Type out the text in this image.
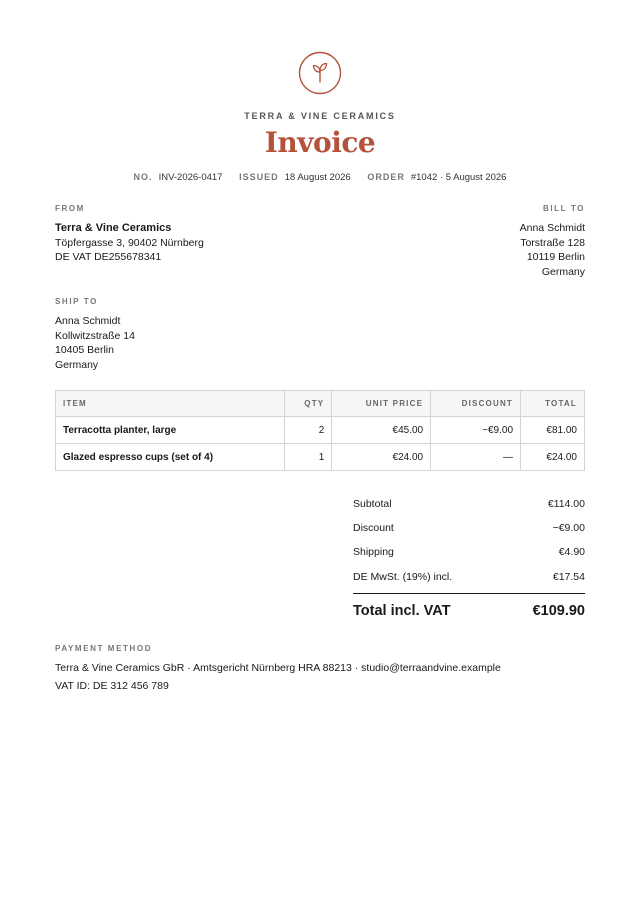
TERRA & VINE CERAMICS
Invoice
NO. INV-2026-0417 ISSUED 18 August 2026 ORDER #1042 · 5 August 2026
FROM
Terra & Vine Ceramics
Töpfergasse 3, 90402 Nürnberg
DE VAT DE255678341
BILL TO
Anna Schmidt
Torstraße 128
10119 Berlin
Germany
SHIP TO
Anna Schmidt
Kollwitzstraße 14
10405 Berlin
Germany
ITEM	QTY	UNIT PRICE	DISCOUNT	TOTAL
Terracotta planter, large	2	€45.00	−€9.00	€81.00
Glazed espresso cups (set of 4)	1	€24.00	—	€24.00
Subtotal	€114.00
Discount	−€9.00
Shipping	€4.90
DE MwSt. (19%) incl.	€17.54
Total incl. VAT	€109.90
PAYMENT METHOD
Terra & Vine Ceramics GbR · Amtsgericht Nürnberg HRA 88213 · studio@terraandvine.example
VAT ID: DE 312 456 789
